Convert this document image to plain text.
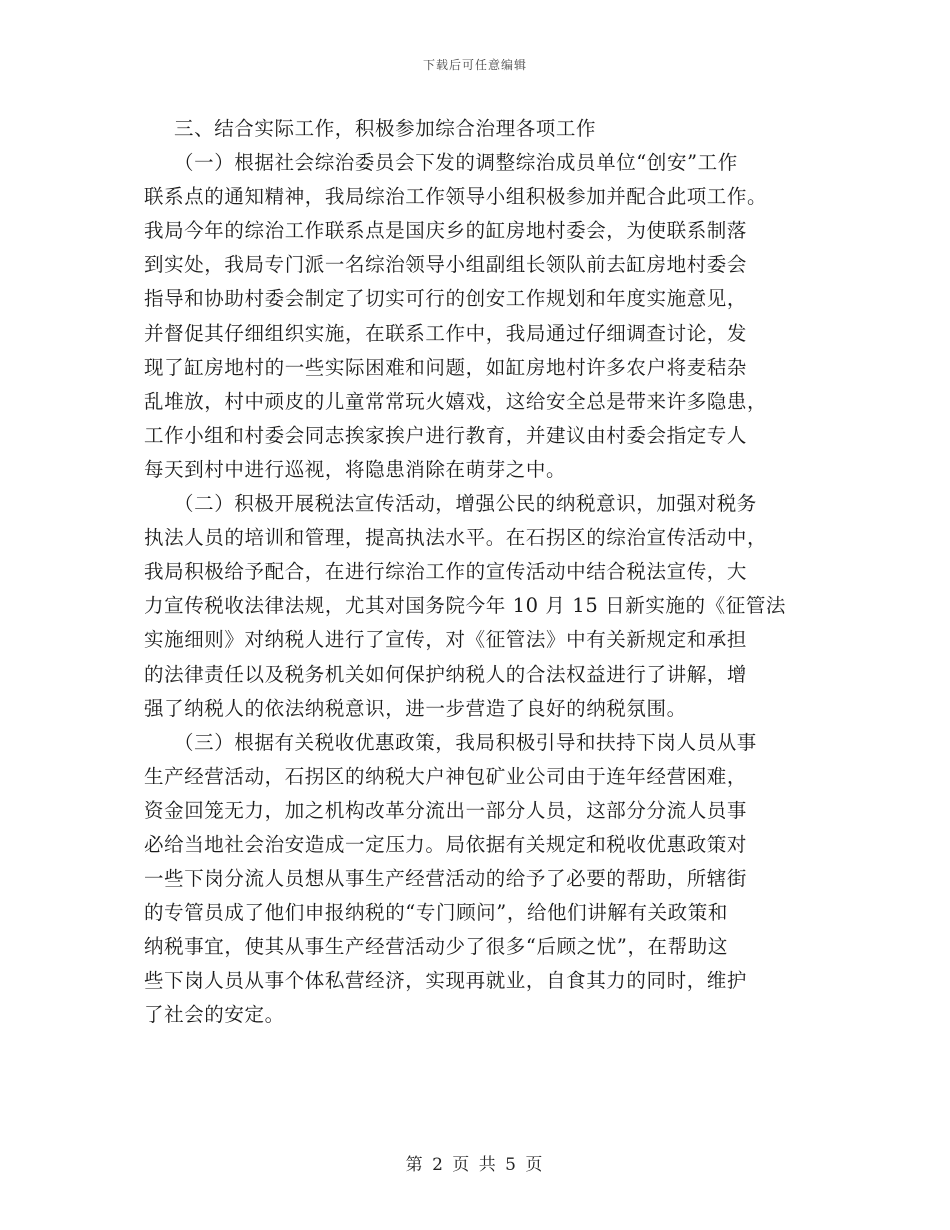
下载后可任意编辑
三、结合实际工作，积极参加综合治理各项工作
（一）根据社会综治委员会下发的调整综治成员单位“创安”工作
联系点的通知精神，我局综治工作领导小组积极参加并配合此项工作。
我局今年的综治工作联系点是国庆乡的缸房地村委会，为使联系制落
到实处，我局专门派一名综治领导小组副组长领队前去缸房地村委会
指导和协助村委会制定了切实可行的创安工作规划和年度实施意见，
并督促其仔细组织实施，在联系工作中，我局通过仔细调查讨论，发
现了缸房地村的一些实际困难和问题，如缸房地村许多农户将麦秸杂
乱堆放，村中顽皮的儿童常常玩火嬉戏，这给安全总是带来许多隐患，
工作小组和村委会同志挨家挨户进行教育，并建议由村委会指定专人
每天到村中进行巡视，将隐患消除在萌芽之中。
（二）积极开展税法宣传活动，增强公民的纳税意识，加强对税务
执法人员的培训和管理，提高执法水平。在石拐区的综治宣传活动中，
我局积极给予配合，在进行综治工作的宣传活动中结合税法宣传，大
力宣传税收法律法规，尤其对国务院今年 10 月 15 日新实施的《征管法
实施细则》对纳税人进行了宣传，对《征管法》中有关新规定和承担
的法律责任以及税务机关如何保护纳税人的合法权益进行了讲解，增
强了纳税人的依法纳税意识，进一步营造了良好的纳税氛围。
（三）根据有关税收优惠政策，我局积极引导和扶持下岗人员从事
生产经营活动，石拐区的纳税大户神包矿业公司由于连年经营困难，
资金回笼无力，加之机构改革分流出一部分人员，这部分分流人员事
必给当地社会治安造成一定压力。局依据有关规定和税收优惠政策对
一些下岗分流人员想从事生产经营活动的给予了必要的帮助，所辖街
的专管员成了他们申报纳税的“专门顾问”，给他们讲解有关政策和
纳税事宜，使其从事生产经营活动少了很多“后顾之忧”，在帮助这
些下岗人员从事个体私营经济，实现再就业，自食其力的同时，维护
了社会的安定。
第 2 页 共 5 页
